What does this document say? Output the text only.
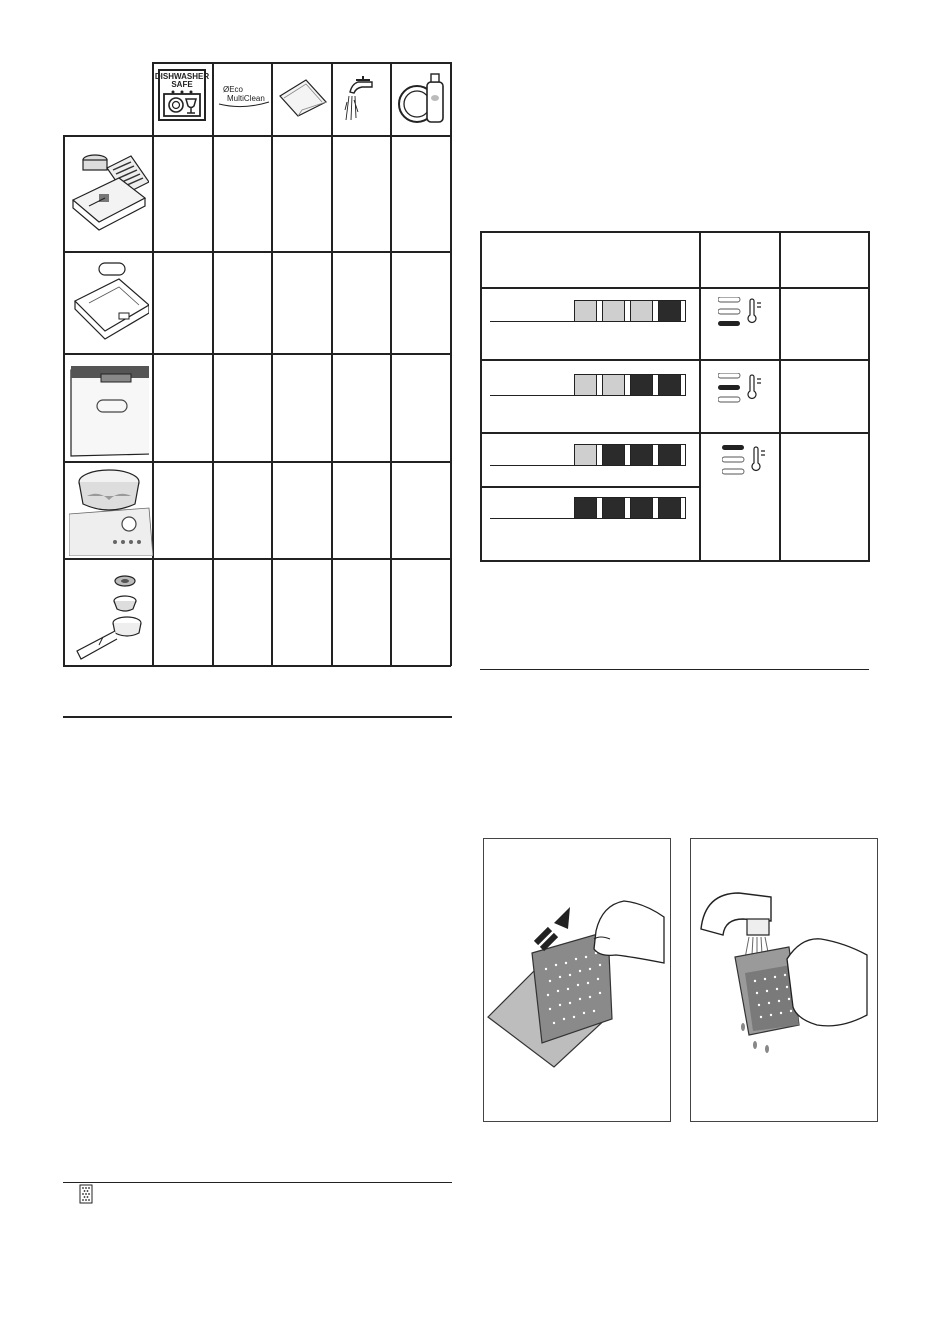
DISHWASHER
SAFE
ØEco
MultiClean
